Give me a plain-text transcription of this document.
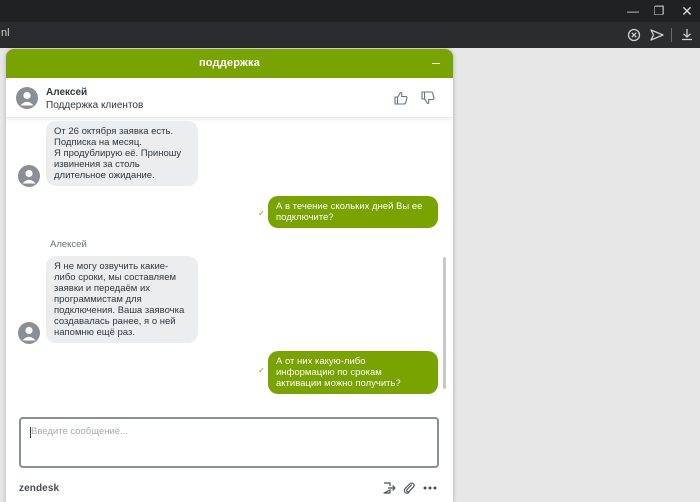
—	❐	✕
nl
поддержка	–
Алексей
Поддержка клиентов
От 26 октября заявка есть.
Подписка на месяц.
Я продублирую её. Приношу
извинения за столь
длительное ожидание.
✓
А в течение скольких дней Вы ее
подключите?
Алексей
Я не могу озвучить какие-
либо сроки, мы составляем
заявки и передаём их
программистам для
подключения. Ваша заявочка
создавалась ранее, я о ней
напомню ещё раз.
✓
А от них какую-либо
информацию по срокам
активации можно получить?
Введите сообщение...
zendesk
